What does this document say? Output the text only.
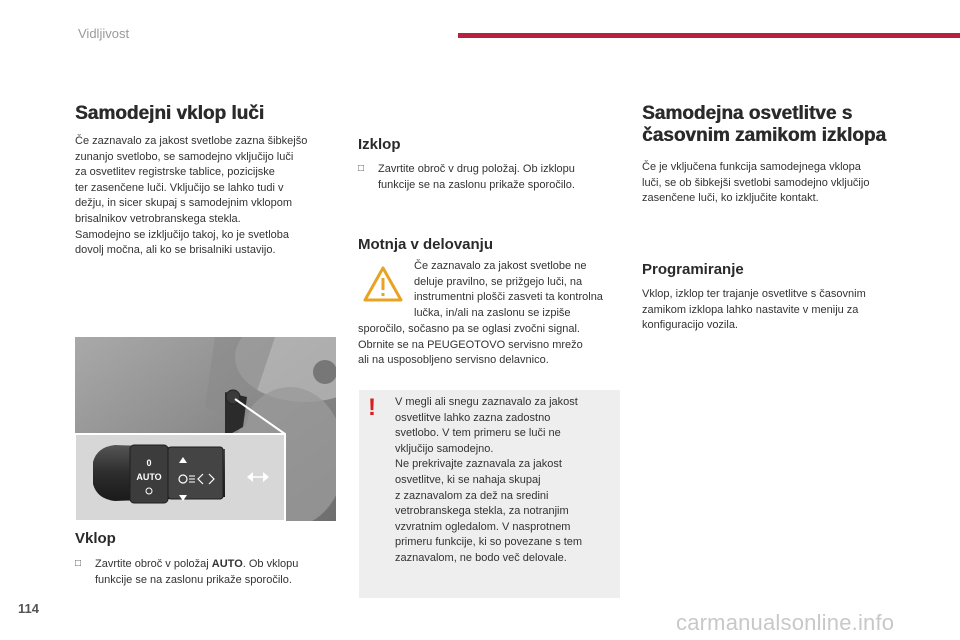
Vidljivost
Samodejni vklop luči

Če zaznavalo za jakost svetlobe zazna šibkejšo
zunanjo svetlobo, se samodejno vključijo luči
za osvetlitev registrske tablice, pozicijske
ter zasenčene luči. Vključijo se lahko tudi v
dežju, in sicer skupaj s samodejnim vklopom
brisalnikov vetrobranskega stekla.
Samodejno se izključijo takoj, ko je svetloba
dovolj močna, ali ko se brisalniki ustavijo.

0
AUTO
Vklop
□	Zavrtite obroč v položaj AUTO. Ob vklopu
funkcije se na zaslonu prikaže sporočilo.

Izklop
□	Zavrtite obroč v drug položaj. Ob izklopu
funkcije se na zaslonu prikaže sporočilo.

Motnja v delovanju

Če zaznavalo za jakost svetlobe ne
deluje pravilno, se prižgejo luči, na
instrumentni plošči zasveti ta kontrolna
lučka, in/ali na zaslonu se izpiše

sporočilo, sočasno pa se oglasi zvočni signal.
Obrnite se na PEUGEOTOVO servisno mrežo
ali na usposobljeno servisno delavnico.

! V megli ali snegu zaznavalo za jakost
osvetlitve lahko zazna zadostno
svetlobo. V tem primeru se luči ne
vključijo samodejno.
Ne prekrivajte zaznavala za jakost
osvetlitve, ki se nahaja skupaj
z zaznavalom za dež na sredini
vetrobranskega stekla, za notranjim
vzvratnim ogledalom. V nasprotnem
primeru funkcije, ki so povezane s tem
zaznavalom, ne bodo več delovale.

Samodejna osvetlitve s
časovnim zamikom izklopa

Če je vključena funkcija samodejnega vklopa
luči, se ob šibkejši svetlobi samodejno vključijo
zasenčene luči, ko izključite kontakt.

Programiranje

Vklop, izklop ter trajanje osvetlitve s časovnim
zamikom izklopa lahko nastavite v meniju za
konfiguracijo vozila.

114
carmanualsonline.info
